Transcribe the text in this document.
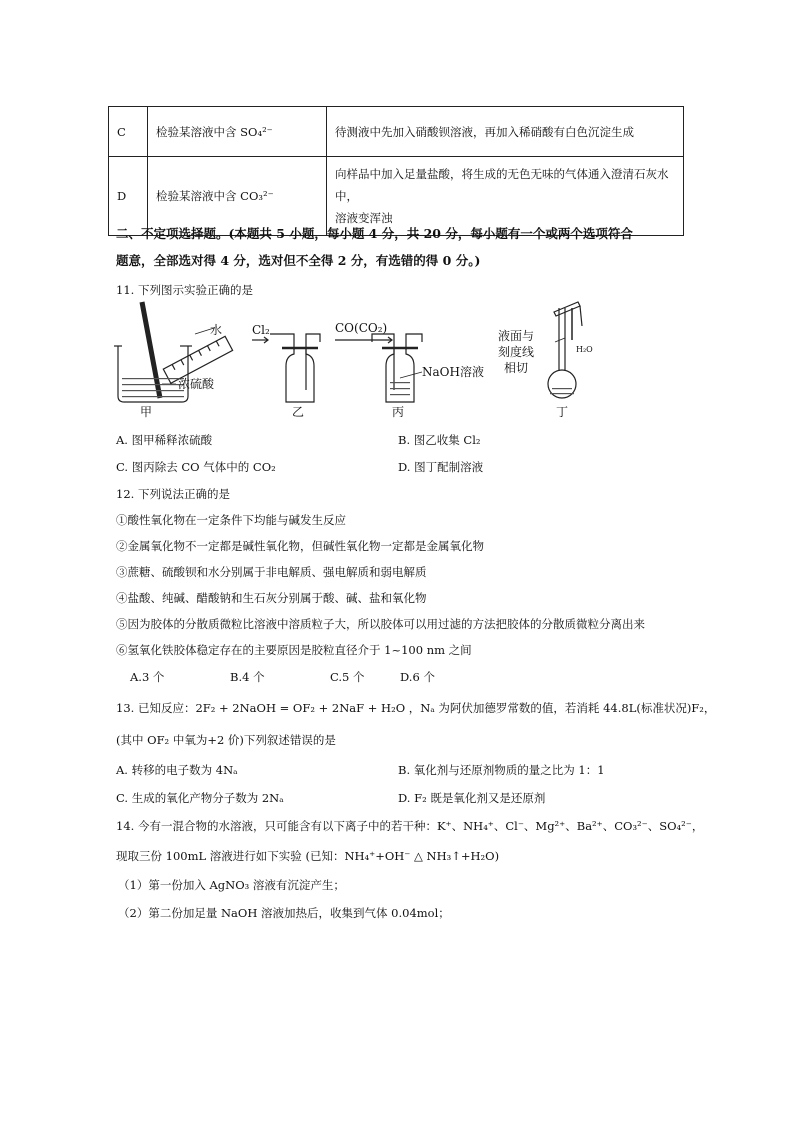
C	检验某溶液中含 SO₄²⁻	待测液中先加入硝酸钡溶液，再加入稀硝酸有白色沉淀生成
D	检验某溶液中含 CO₃²⁻	向样品中加入足量盐酸，将生成的无色无味的气体通入澄清石灰水中，
溶液变浑浊
二、不定项选择题。(本题共 5 小题，每小题 4 分，共 20 分，每小题有一个或两个选项符合
题意，全部选对得 4 分，选对但不全得 2 分，有选错的得 0 分。)
11. 下列图示实验正确的是
水
浓硫酸
Cl₂	CO(CO₂)
NaOH溶液
液面与
刻度线
相切
H₂O
甲	乙	丙	丁
A. 图甲稀释浓硫酸	B. 图乙收集 Cl₂
C. 图丙除去 CO 气体中的 CO₂	D. 图丁配制溶液
12. 下列说法正确的是
①酸性氧化物在一定条件下均能与碱发生反应
②金属氧化物不一定都是碱性氧化物，但碱性氧化物一定都是金属氧化物
③蔗糖、硫酸钡和水分别属于非电解质、强电解质和弱电解质
④盐酸、纯碱、醋酸钠和生石灰分别属于酸、碱、盐和氧化物
⑤因为胶体的分散质微粒比溶液中溶质粒子大，所以胶体可以用过滤的方法把胶体的分散质微粒分离出来
⑥氢氧化铁胶体稳定存在的主要原因是胶粒直径介于 1~100 nm 之间
A.3 个	B.4 个	C.5 个	D.6 个
13. 已知反应：2F₂ + 2NaOH = OF₂ + 2NaF + H₂O ，Nₐ 为阿伏加德罗常数的值，若消耗 44.8L(标准状况)F₂，
(其中 OF₂ 中氧为+2 价)下列叙述错误的是
A. 转移的电子数为 4Nₐ	B. 氧化剂与还原剂物质的量之比为 1：1
C. 生成的氧化产物分子数为 2Nₐ	D. F₂ 既是氧化剂又是还原剂
14. 今有一混合物的水溶液，只可能含有以下离子中的若干种：K⁺、NH₄⁺、Cl⁻、Mg²⁺、Ba²⁺、CO₃²⁻、SO₄²⁻，
现取三份 100mL 溶液进行如下实验 (已知：NH₄⁺+OH⁻ △ NH₃↑+H₂O)
（1）第一份加入 AgNO₃ 溶液有沉淀产生；
（2）第二份加足量 NaOH 溶液加热后，收集到气体 0.04mol；
